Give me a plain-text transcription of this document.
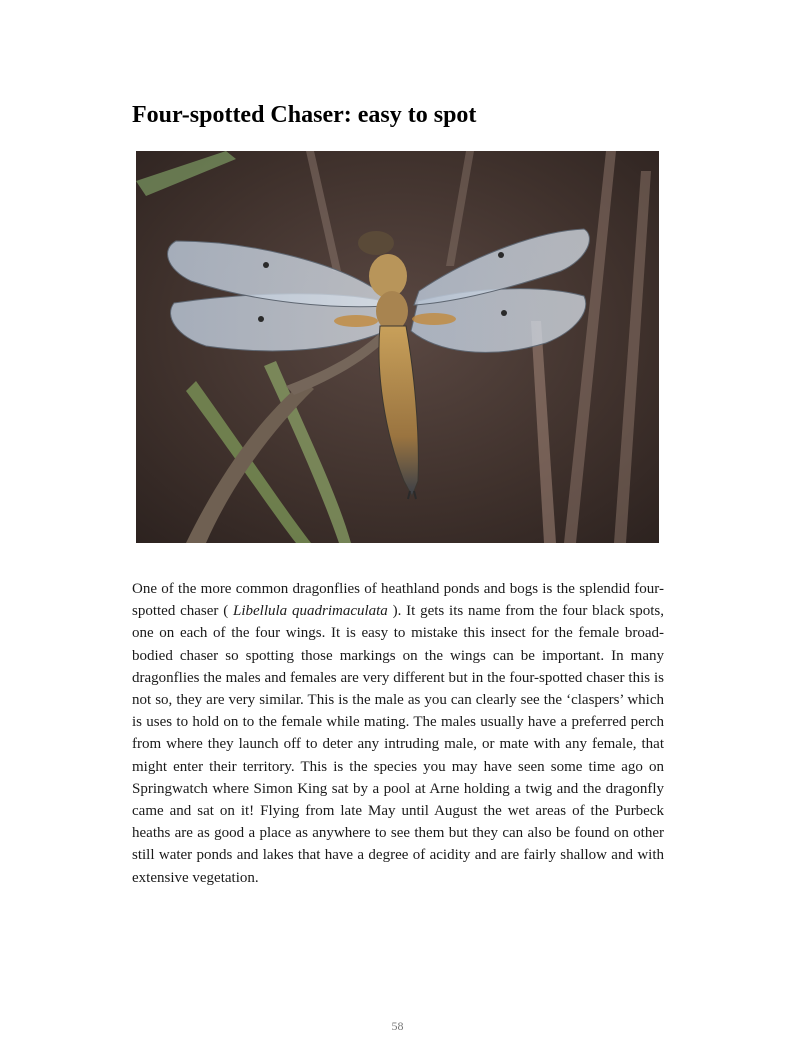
Four-spotted Chaser: easy to spot

One of the more common dragonflies of heathland ponds and bogs is the splendid four-spotted chaser ( Libellula quadrimaculata ). It gets its name from the four black spots, one on each of the four wings. It is easy to mistake this insect for the female broad-bodied chaser so spotting those markings on the wings can be important. In many dragonflies the males and females are very different but in the four-spotted chaser this is not so, they are very similar. This is the male as you can clearly see the ‘claspers’ which is uses to hold on to the female while mating. The males usually have a preferred perch from where they launch off to deter any intruding male, or mate with any female, that might enter their territory. This is the species you may have seen some time ago on Springwatch where Simon King sat by a pool at Arne holding a twig and the dragonfly came and sat on it! Flying from late May until August the wet areas of the Purbeck heaths are as good a place as anywhere to see them but they can also be found on other still water ponds and lakes that have a degree of acidity and are fairly shallow and with extensive vegetation.

58
